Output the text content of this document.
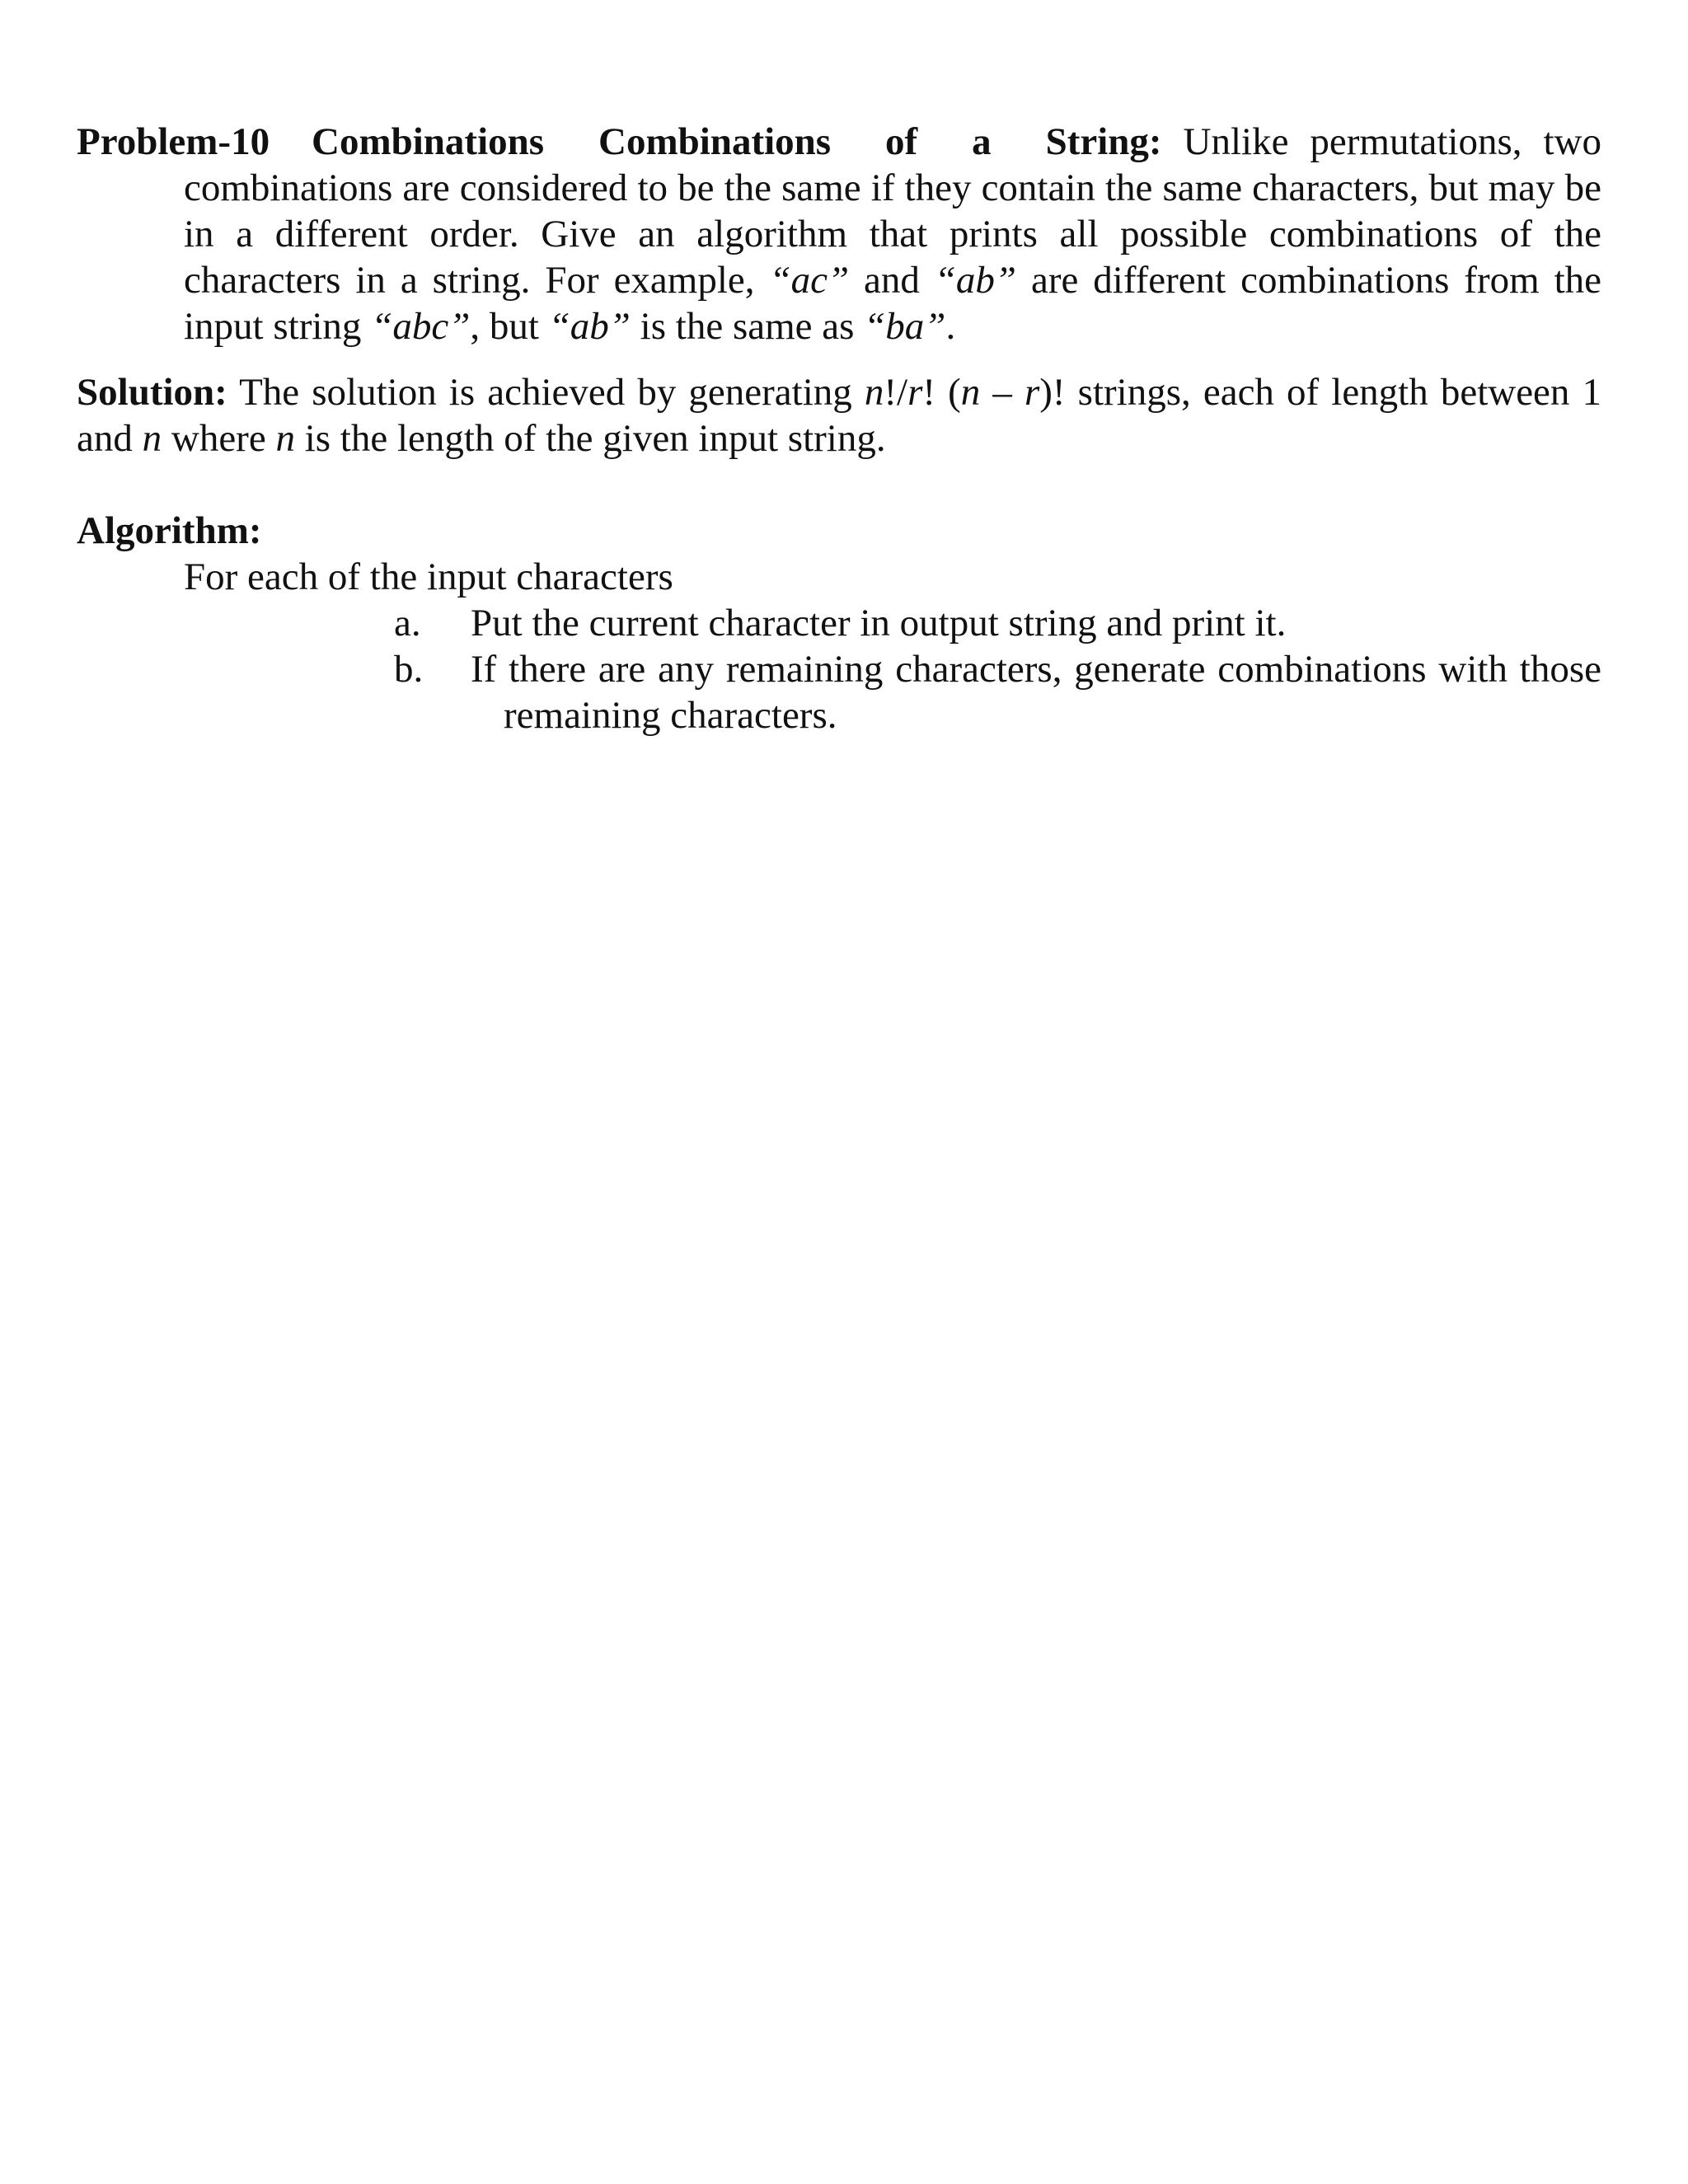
Problem-10 Combinations Combinations of a String: Unlike permutations, two combinations are considered to be the same if they contain the same characters, but may be in a different order. Give an algorithm that prints all possible combinations of the characters in a string. For example, “ac” and “ab” are different combinations from the input string “abc”, but “ab” is the same as “ba”.
Solution: The solution is achieved by generating n!/r! (n – r)! strings, each of length between 1 and n where n is the length of the given input string.
Algorithm:
For each of the input characters
a. Put the current character in output string and print it.
b. If there are any remaining characters, generate combinations with those remaining characters.
